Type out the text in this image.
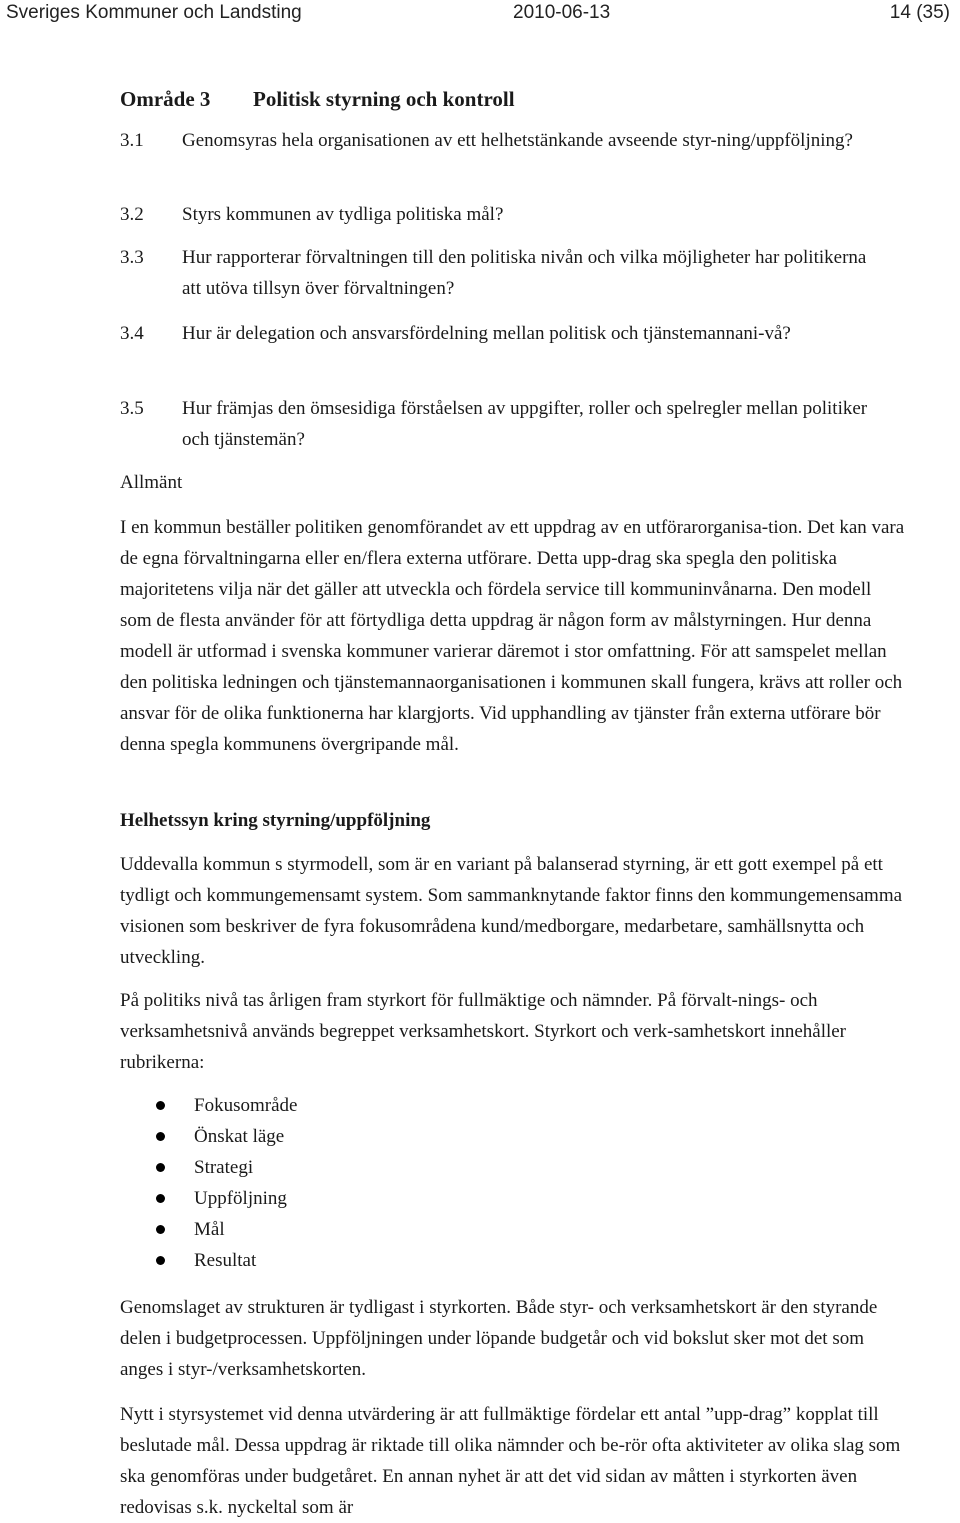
Sveriges Kommuner och Landsting	2010-06-13	14 (35)
Område 3 Politisk styrning och kontroll
3.1 Genomsyras hela organisationen av ett helhetstänkande avseende styr-ning/uppföljning?
3.2 Styrs kommunen av tydliga politiska mål?
3.3 Hur rapporterar förvaltningen till den politiska nivån och vilka möjligheter har politikerna att utöva tillsyn över förvaltningen?
3.4 Hur är delegation och ansvarsfördelning mellan politisk och tjänstemannani-vå?
3.5 Hur främjas den ömsesidiga förståelsen av uppgifter, roller och spelregler mellan politiker och tjänstemän?
Allmänt
I en kommun beställer politiken genomförandet av ett uppdrag av en utförarorganisa-tion. Det kan vara de egna förvaltningarna eller en/flera externa utförare. Detta upp-drag ska spegla den politiska majoritetens vilja när det gäller att utveckla och fördela service till kommuninvånarna. Den modell som de flesta använder för att förtydliga detta uppdrag är någon form av målstyrningen. Hur denna modell är utformad i svenska kommuner varierar däremot i stor omfattning. För att samspelet mellan den politiska ledningen och tjänstemannaorganisationen i kommunen skall fungera, krävs att roller och ansvar för de olika funktionerna har klargjorts. Vid upphandling av tjänster från externa utförare bör denna spegla kommunens övergripande mål.
Helhetssyn kring styrning/uppföljning
Uddevalla kommun s styrmodell, som är en variant på balanserad styrning, är ett gott exempel på ett tydligt och kommungemensamt system. Som sammanknytande faktor finns den kommungemensamma visionen som beskriver de fyra fokusområdena kund/medborgare, medarbetare, samhällsnytta och utveckling.
På politiks nivå tas årligen fram styrkort för fullmäktige och nämnder. På förvalt-nings- och verksamhetsnivå används begreppet verksamhetskort. Styrkort och verk-samhetskort innehåller rubrikerna:
Fokusområde
Önskat läge
Strategi
Uppföljning
Mål
Resultat
Genomslaget av strukturen är tydligast i styrkorten. Både styr- och verksamhetskort är den styrande delen i budgetprocessen. Uppföljningen under löpande budgetår och vid bokslut sker mot det som anges i styr-/verksamhetskorten.
Nytt i styrsystemet vid denna utvärdering är att fullmäktige fördelar ett antal ”upp-drag” kopplat till beslutade mål. Dessa uppdrag är riktade till olika nämnder och be-rör ofta aktiviteter av olika slag som ska genomföras under budgetåret. En annan nyhet är att det vid sidan av måtten i styrkorten även redovisas s.k. nyckeltal som är
